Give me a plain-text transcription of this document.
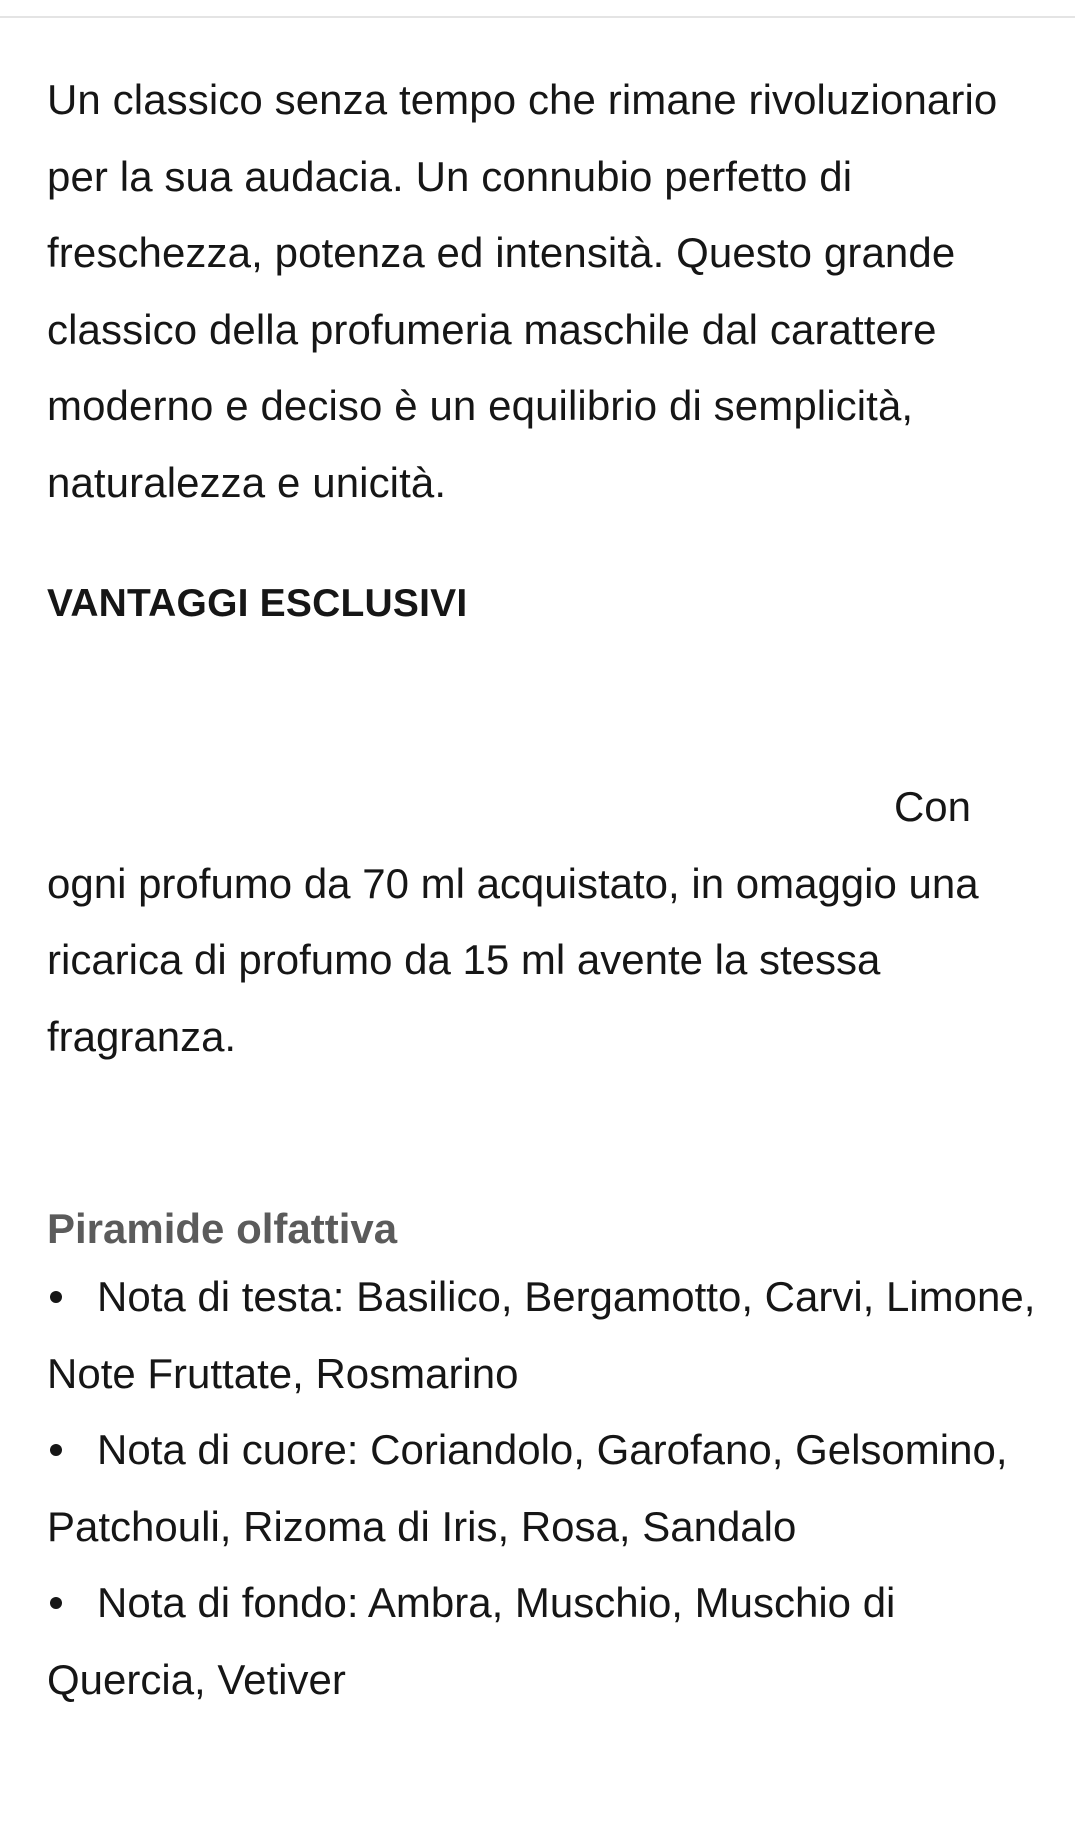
Un classico senza tempo che rimane rivoluzionario per la sua audacia. Un connubio perfetto di freschezza, potenza ed intensità. Questo grande classico della profumeria maschile dal carattere moderno e deciso è un equilibrio di semplicità, naturalezza e unicità.

VANTAGGI ESCLUSIVI

Con
ogni profumo da 70 ml acquistato, in omaggio una ricarica di profumo da 15 ml avente la stessa fragranza.

Piramide olfattiva
Nota di testa: Basilico, Bergamotto, Carvi, Limone, Note Fruttate, Rosmarino
Nota di cuore: Coriandolo, Garofano, Gelsomino, Patchouli, Rizoma di Iris, Rosa, Sandalo
Nota di fondo: Ambra, Muschio, Muschio di Quercia, Vetiver
